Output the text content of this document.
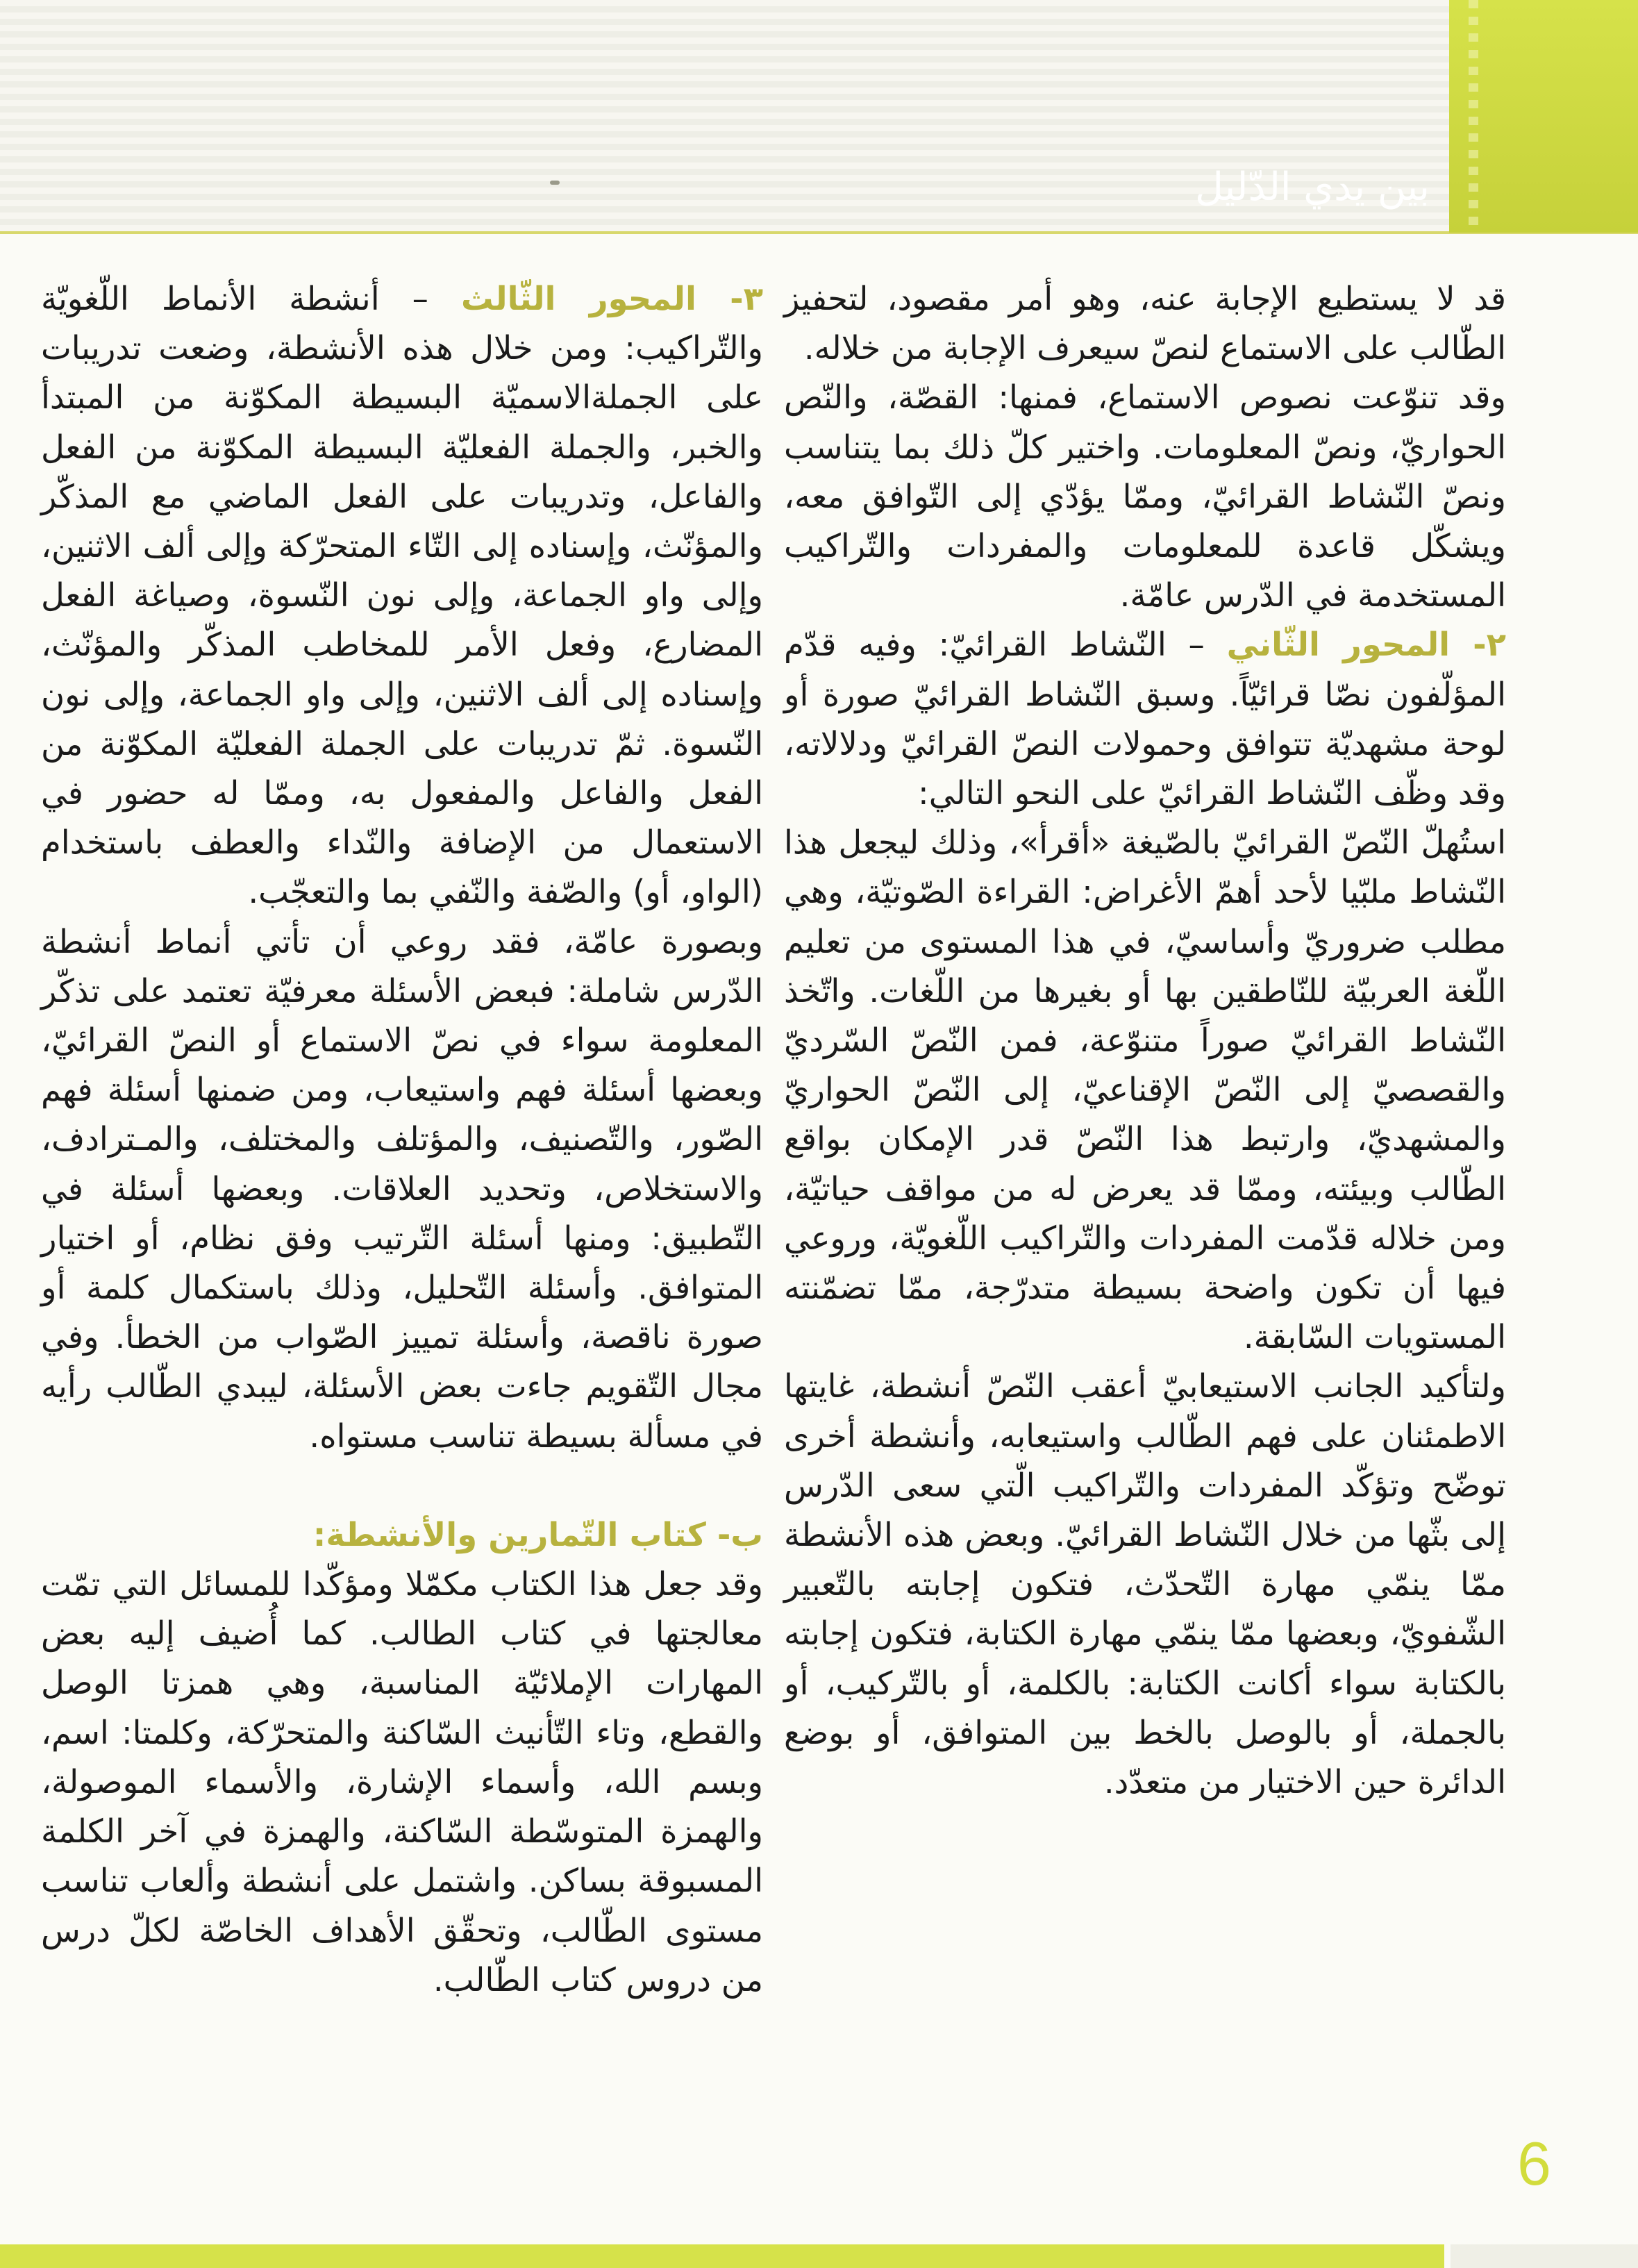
بين يدي الدّليل

قد لا يستطيع الإجابة عنه، وهو أمر مقصود، لتحفيز الطّالب على الاستماع لنصّ سيعرف الإجابة من خلاله.

وقد تنوّعت نصوص الاستماع، فمنها: القصّة، والنّص الحواريّ، ونصّ المعلومات. واختير كلّ ذلك بما يتناسب ونصّ النّشاط القرائيّ، وممّا يؤدّي إلى التّوافق معه، ويشكّل قاعدة للمعلومات والمفردات والتّراكيب المستخدمة في الدّرس عامّة.

٢- المحور الثّاني – النّشاط القرائيّ: وفيه قدّم المؤلّفون نصّا قرائيّاً. وسبق النّشاط القرائيّ صورة أو لوحة مشهديّة تتوافق وحمولات النصّ القرائيّ ودلالاته، وقد وظّف النّشاط القرائيّ على النحو التالي:

استُهلّ النّصّ القرائيّ بالصّيغة «أقرأ»، وذلك ليجعل هذا النّشاط ملبّيا لأحد أهمّ الأغراض: القراءة الصّوتيّة، وهي مطلب ضروريّ وأساسيّ، في هذا المستوى من تعليم اللّغة العربيّة للنّاطقين بها أو بغيرها من اللّغات. واتّخذ النّشاط القرائيّ صوراً متنوّعة، فمن النّصّ السّرديّ والقصصيّ إلى النّصّ الإقناعيّ، إلى النّصّ الحواريّ والمشهديّ، وارتبط هذا النّصّ قدر الإمكان بواقع الطّالب وبيئته، وممّا قد يعرض له من مواقف حياتيّة، ومن خلاله قدّمت المفردات والتّراكيب اللّغويّة، وروعي فيها أن تكون واضحة بسيطة متدرّجة، ممّا تضمّنته المستويات السّابقة.

ولتأكيد الجانب الاستيعابيّ أعقب النّصّ أنشطة، غايتها الاطمئنان على فهم الطّالب واستيعابه، وأنشطة أخرى توضّح وتؤكّد المفردات والتّراكيب الّتي سعى الدّرس إلى بثّها من خلال النّشاط القرائيّ. وبعض هذه الأنشطة ممّا ينمّي مهارة التّحدّث، فتكون إجابته بالتّعبير الشّفويّ، وبعضها ممّا ينمّي مهارة الكتابة، فتكون إجابته بالكتابة سواء أكانت الكتابة: بالكلمة، أو بالتّركيب، أو بالجملة، أو بالوصل بالخط بين المتوافق، أو بوضع الدائرة حين الاختيار من متعدّد.

٣- المحور الثّالث – أنشطة الأنماط اللّغويّة والتّراكيب: ومن خلال هذه الأنشطة، وضعت تدريبات على الجملةالاسميّة البسيطة المكوّنة من المبتدأ والخبر، والجملة الفعليّة البسيطة المكوّنة من الفعل والفاعل، وتدريبات على الفعل الماضي مع المذكّر والمؤنّث، وإسناده إلى التّاء المتحرّكة وإلى ألف الاثنين، وإلى واو الجماعة، وإلى نون النّسوة، وصياغة الفعل المضارع، وفعل الأمر للمخاطب المذكّر والمؤنّث، وإسناده إلى ألف الاثنين، وإلى واو الجماعة، وإلى نون النّسوة. ثمّ تدريبات على الجملة الفعليّة المكوّنة من الفعل والفاعل والمفعول به، وممّا له حضور في الاستعمال من الإضافة والنّداء والعطف باستخدام (الواو، أو) والصّفة والنّفي بما والتعجّب.

وبصورة عامّة، فقد روعي أن تأتي أنماط أنشطة الدّرس شاملة: فبعض الأسئلة معرفيّة تعتمد على تذكّر المعلومة سواء في نصّ الاستماع أو النصّ القرائيّ، وبعضها أسئلة فهم واستيعاب، ومن ضمنها أسئلة فهم الصّور، والتّصنيف، والمؤتلف والمختلف، والمـترادف، والاستخلاص، وتحديد العلاقات. وبعضها أسئلة في التّطبيق: ومنها أسئلة التّرتيب وفق نظام، أو اختيار المتوافق. وأسئلة التّحليل، وذلك باستكمال كلمة أو صورة ناقصة، وأسئلة تمييز الصّواب من الخطأ. وفي مجال التّقويم جاءت بعض الأسئلة، ليبدي الطّالب رأيه في مسألة بسيطة تناسب مستواه.

ب- كتاب التّمارين والأنشطة:

وقد جعل هذا الكتاب مكمّلا ومؤكّدا للمسائل التي تمّت معالجتها في كتاب الطالب. كما أُضيف إليه بعض المهارات الإملائيّة المناسبة، وهي همزتا الوصل والقطع، وتاء التّأنيث السّاكنة والمتحرّكة، وكلمتا: اسم، وبسم الله، وأسماء الإشارة، والأسماء الموصولة، والهمزة المتوسّطة السّاكنة، والهمزة في آخر الكلمة المسبوقة بساكن. واشتمل على أنشطة وألعاب تناسب مستوى الطّالب، وتحقّق الأهداف الخاصّة لكلّ درس من دروس كتاب الطّالب.

6
